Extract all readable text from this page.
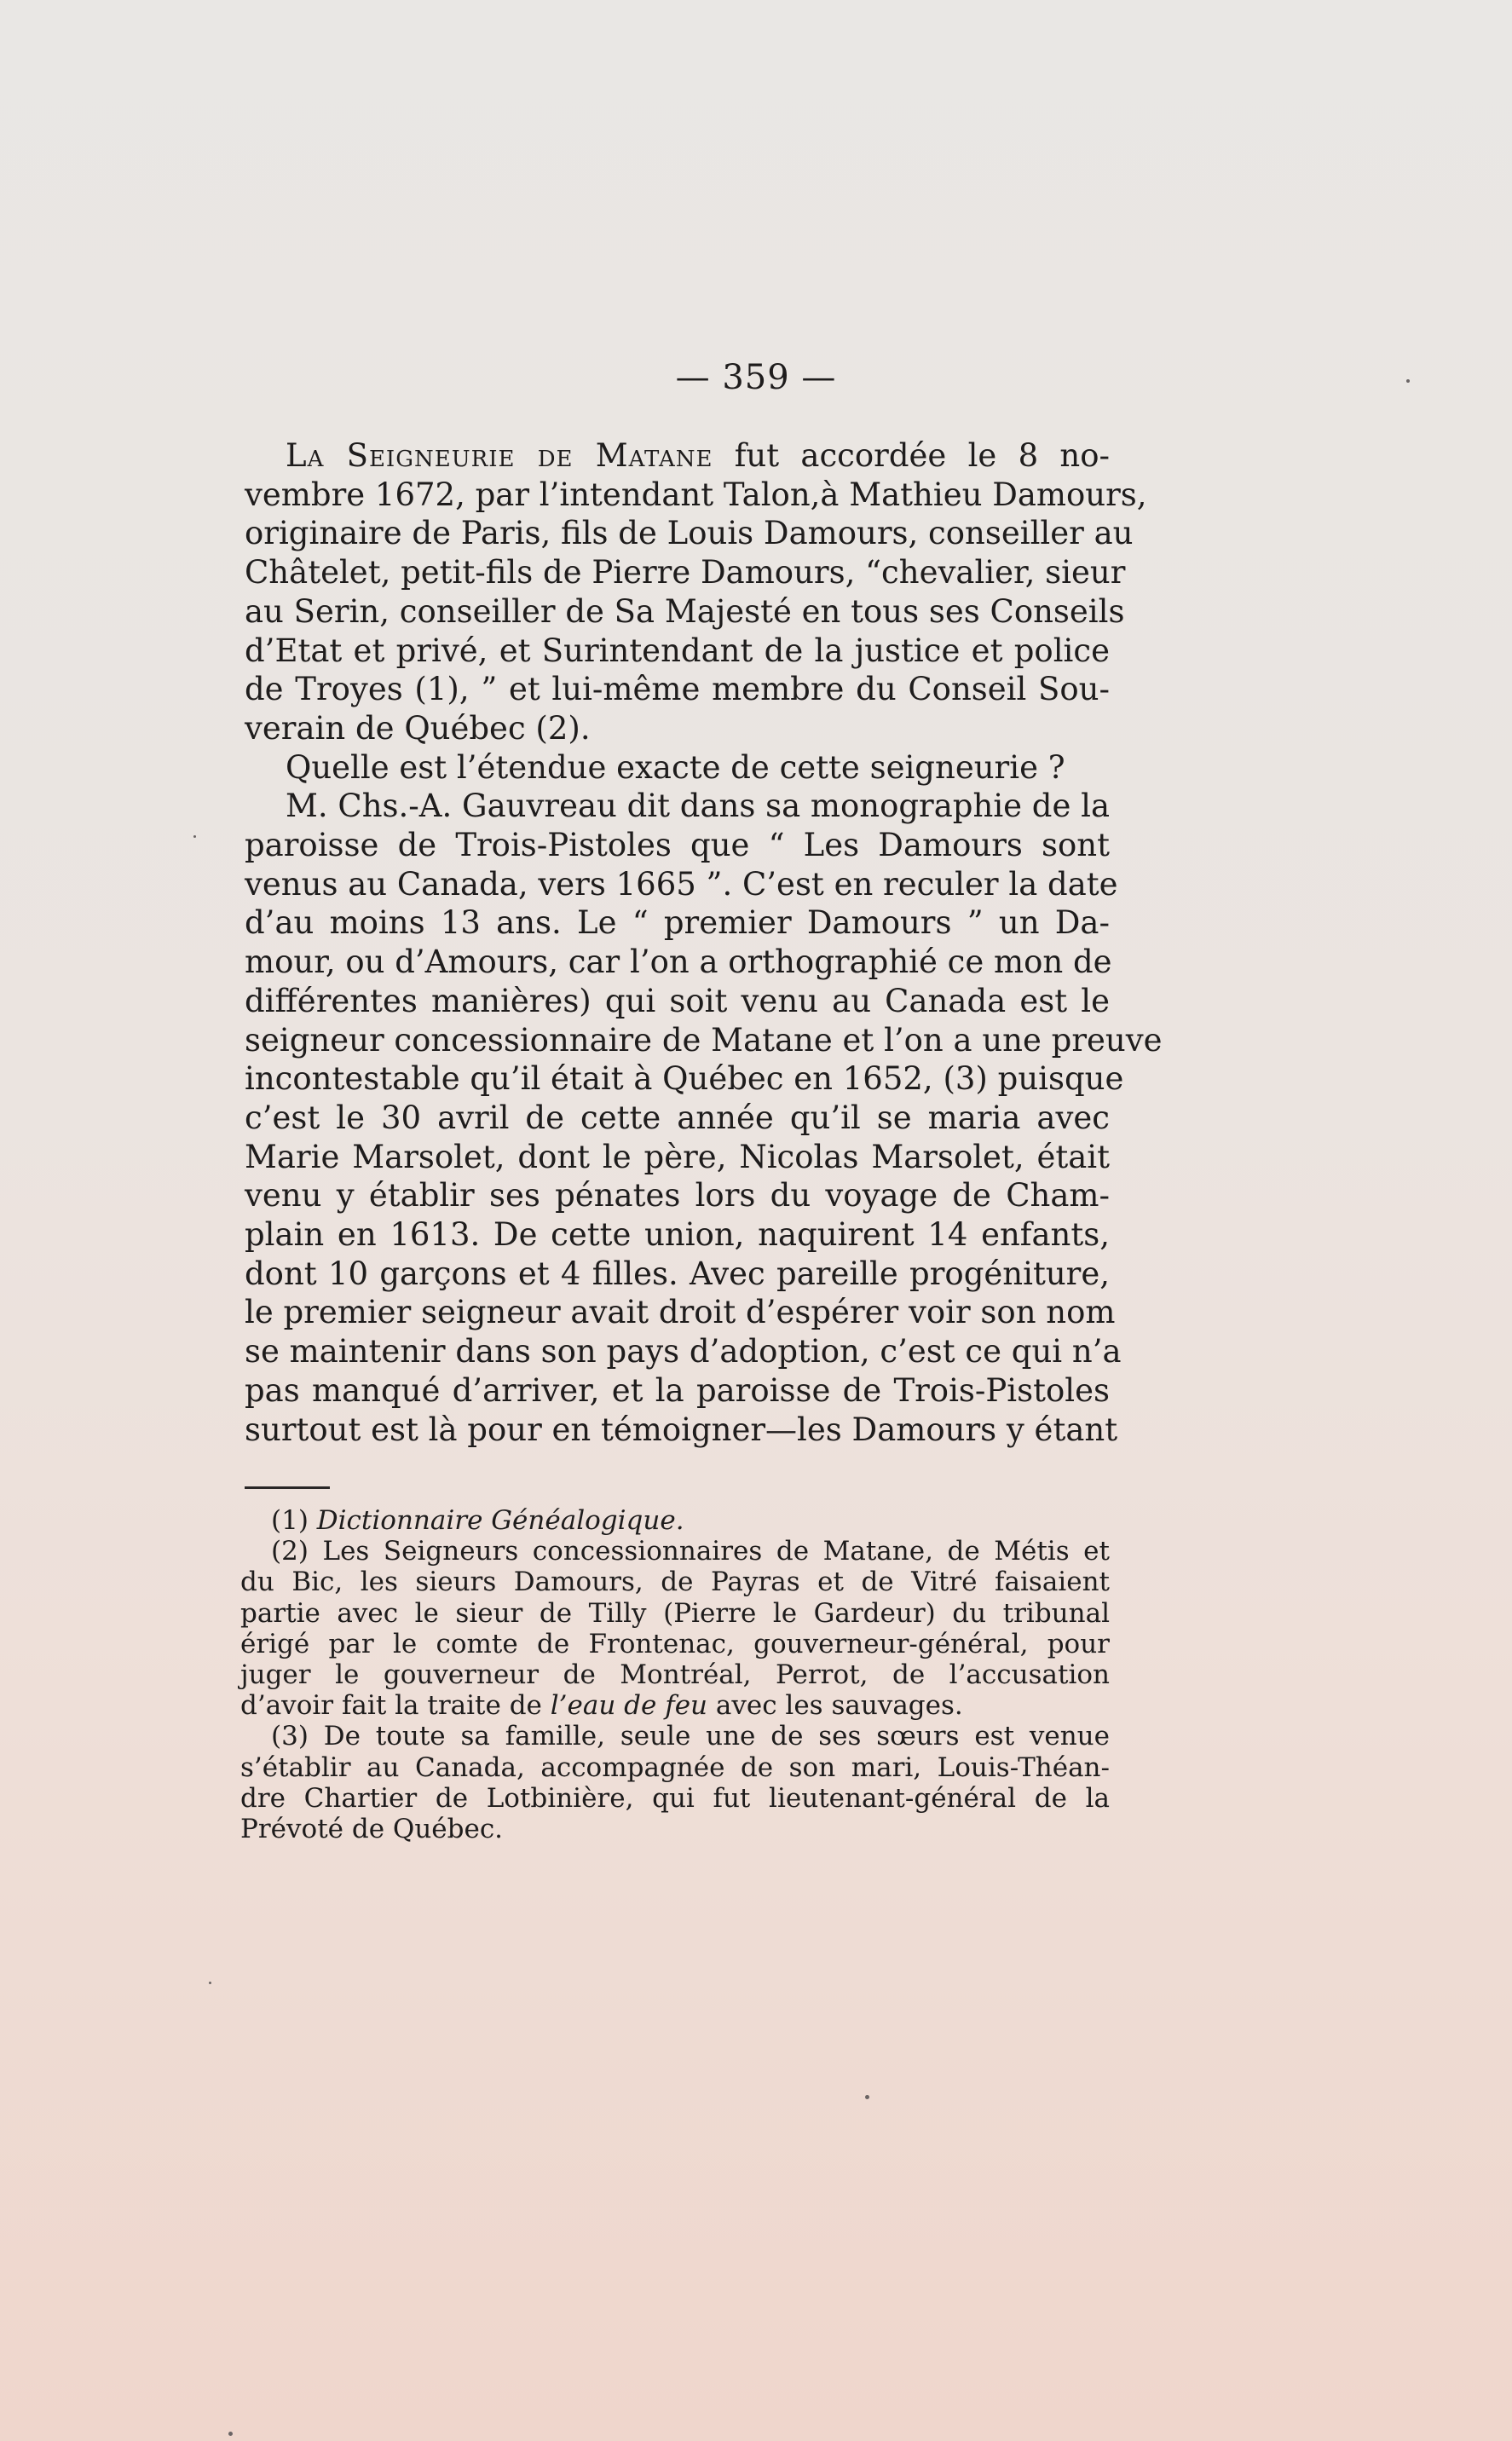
— 359 —
La Seigneurie de Matane fut accordée le 8 no-
vembre 1672, par l’intendant Talon,à Mathieu Damours,
originaire de Paris, fils de Louis Damours, conseiller au
Châtelet, petit-fils de Pierre Damours, “chevalier, sieur
au Serin, conseiller de Sa Majesté en tous ses Conseils
d’Etat et privé, et Surintendant de la justice et police
de Troyes (1), ” et lui-même membre du Conseil Sou-
verain de Québec (2).
Quelle est l’étendue exacte de cette seigneurie ?
M. Chs.-A. Gauvreau dit dans sa monographie de la
paroisse de Trois-Pistoles que “ Les Damours sont
venus au Canada, vers 1665 ”. C’est en reculer la date
d’au moins 13 ans. Le “ premier Damours ” un Da-
mour, ou d’Amours, car l’on a orthographié ce mon de
différentes manières) qui soit venu au Canada est le
seigneur concessionnaire de Matane et l’on a une preuve
incontestable qu’il était à Québec en 1652, (3) puisque
c’est le 30 avril de cette année qu’il se maria avec
Marie Marsolet, dont le père, Nicolas Marsolet, était
venu y établir ses pénates lors du voyage de Cham-
plain en 1613. De cette union, naquirent 14 enfants,
dont 10 garçons et 4 filles. Avec pareille progéniture,
le premier seigneur avait droit d’espérer voir son nom
se maintenir dans son pays d’adoption, c’est ce qui n’a
pas manqué d’arriver, et la paroisse de Trois-Pistoles
surtout est là pour en témoigner—les Damours y étant
(1) Dictionnaire Généalogique.
(2) Les Seigneurs concessionnaires de Matane, de Métis et
du Bic, les sieurs Damours, de Payras et de Vitré faisaient
partie avec le sieur de Tilly (Pierre le Gardeur) du tribunal
érigé par le comte de Frontenac, gouverneur-général, pour
juger le gouverneur de Montréal, Perrot, de l’accusation
d’avoir fait la traite de l’eau de feu avec les sauvages.
(3) De toute sa famille, seule une de ses sœurs est venue
s’établir au Canada, accompagnée de son mari, Louis-Théan-
dre Chartier de Lotbinière, qui fut lieutenant-général de la
Prévoté de Québec.
